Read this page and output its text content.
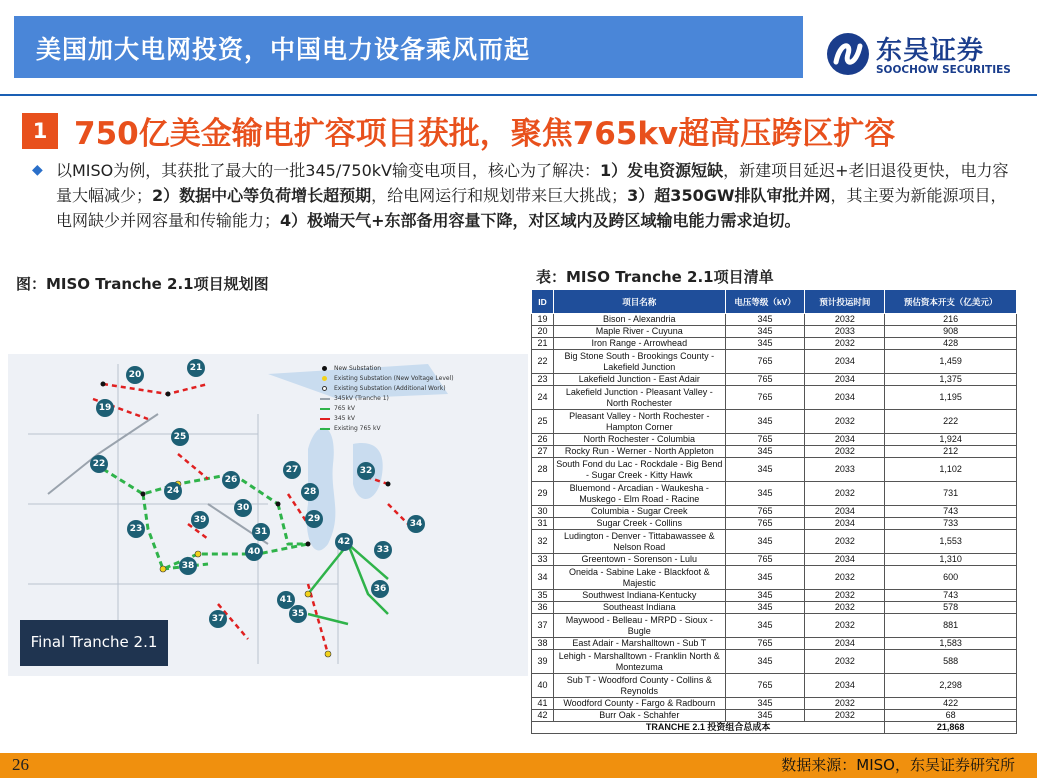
美国加大电网投资，中国电力设备乘风而起	东吴证券
SOOCHOW SECURITIES
1 750亿美金输电扩容项目获批，聚焦765kv超高压跨区扩容
◆ 以MISO为例，其获批了最大的一批345/750kV输变电项目，核心为了解决：1）发电资源短缺，新建项目延迟+老旧退役更快，电力容量大幅减少；2）数据中心等负荷增长超预期，给电网运行和规划带来巨大挑战；3）超350GW排队审批并网，其主要为新能源项目，电网缺少并网容量和传输能力；4）极端天气+东部备用容量下降，对区域内及跨区域输电能力需求迫切。
图：MISO Tranche 2.1项目规划图
New Substation
Existing Substation (New Voltage Level)
Existing Substation (Additional Work)
345kV (Tranche 1)
765 kV
345 kV
Existing 765 kV
19
20
21
22
23
24
25
26
27
28
29
30
31
32
33
34
35
36
37
38
39
40
41
42
Final Tranche 2.1
表：MISO Tranche 2.1项目清单
ID	项目名称	电压等级（kV）	预计投运时间	预估资本开支（亿美元）
19	Bison - Alexandria	345	2032	216
20	Maple River - Cuyuna	345	2033	908
21	Iron Range - Arrowhead	345	2032	428
22	Big Stone South - Brookings County - Lakefield Junction	765	2034	1,459
23	Lakefield Junction - East Adair	765	2034	1,375
24	Lakefield Junction - Pleasant Valley - North Rochester	765	2034	1,195
25	Pleasant Valley - North Rochester - Hampton Corner	345	2032	222
26	North Rochester - Columbia	765	2034	1,924
27	Rocky Run - Werner - North Appleton	345	2032	212
28	South Fond du Lac - Rockdale - Big Bend - Sugar Creek - Kitty Hawk	345	2033	1,102
29	Bluemond - Arcadian - Waukesha - Muskego - Elm Road - Racine	345	2032	731
30	Columbia - Sugar Creek	765	2034	743
31	Sugar Creek - Collins	765	2034	733
32	Ludington - Denver - Tittabawassee & Nelson Road	345	2032	1,553
33	Greentown - Sorenson - Lulu	765	2034	1,310
34	Oneida - Sabine Lake - Blackfoot & Majestic	345	2032	600
35	Southwest Indiana-Kentucky	345	2032	743
36	Southeast Indiana	345	2032	578
37	Maywood - Belleau - MRPD - Sioux - Bugle	345	2032	881
38	East Adair - Marshalltown - Sub T	765	2034	1,583
39	Lehigh - Marshalltown - Franklin North & Montezuma	345	2032	588
40	Sub T - Woodford County - Collins & Reynolds	765	2034	2,298
41	Woodford County - Fargo & Radbourn	345	2032	422
42	Burr Oak - Schahfer	345	2032	68
TRANCHE 2.1 投资组合总成本				21,868
26	数据来源：MISO，东吴证券研究所
